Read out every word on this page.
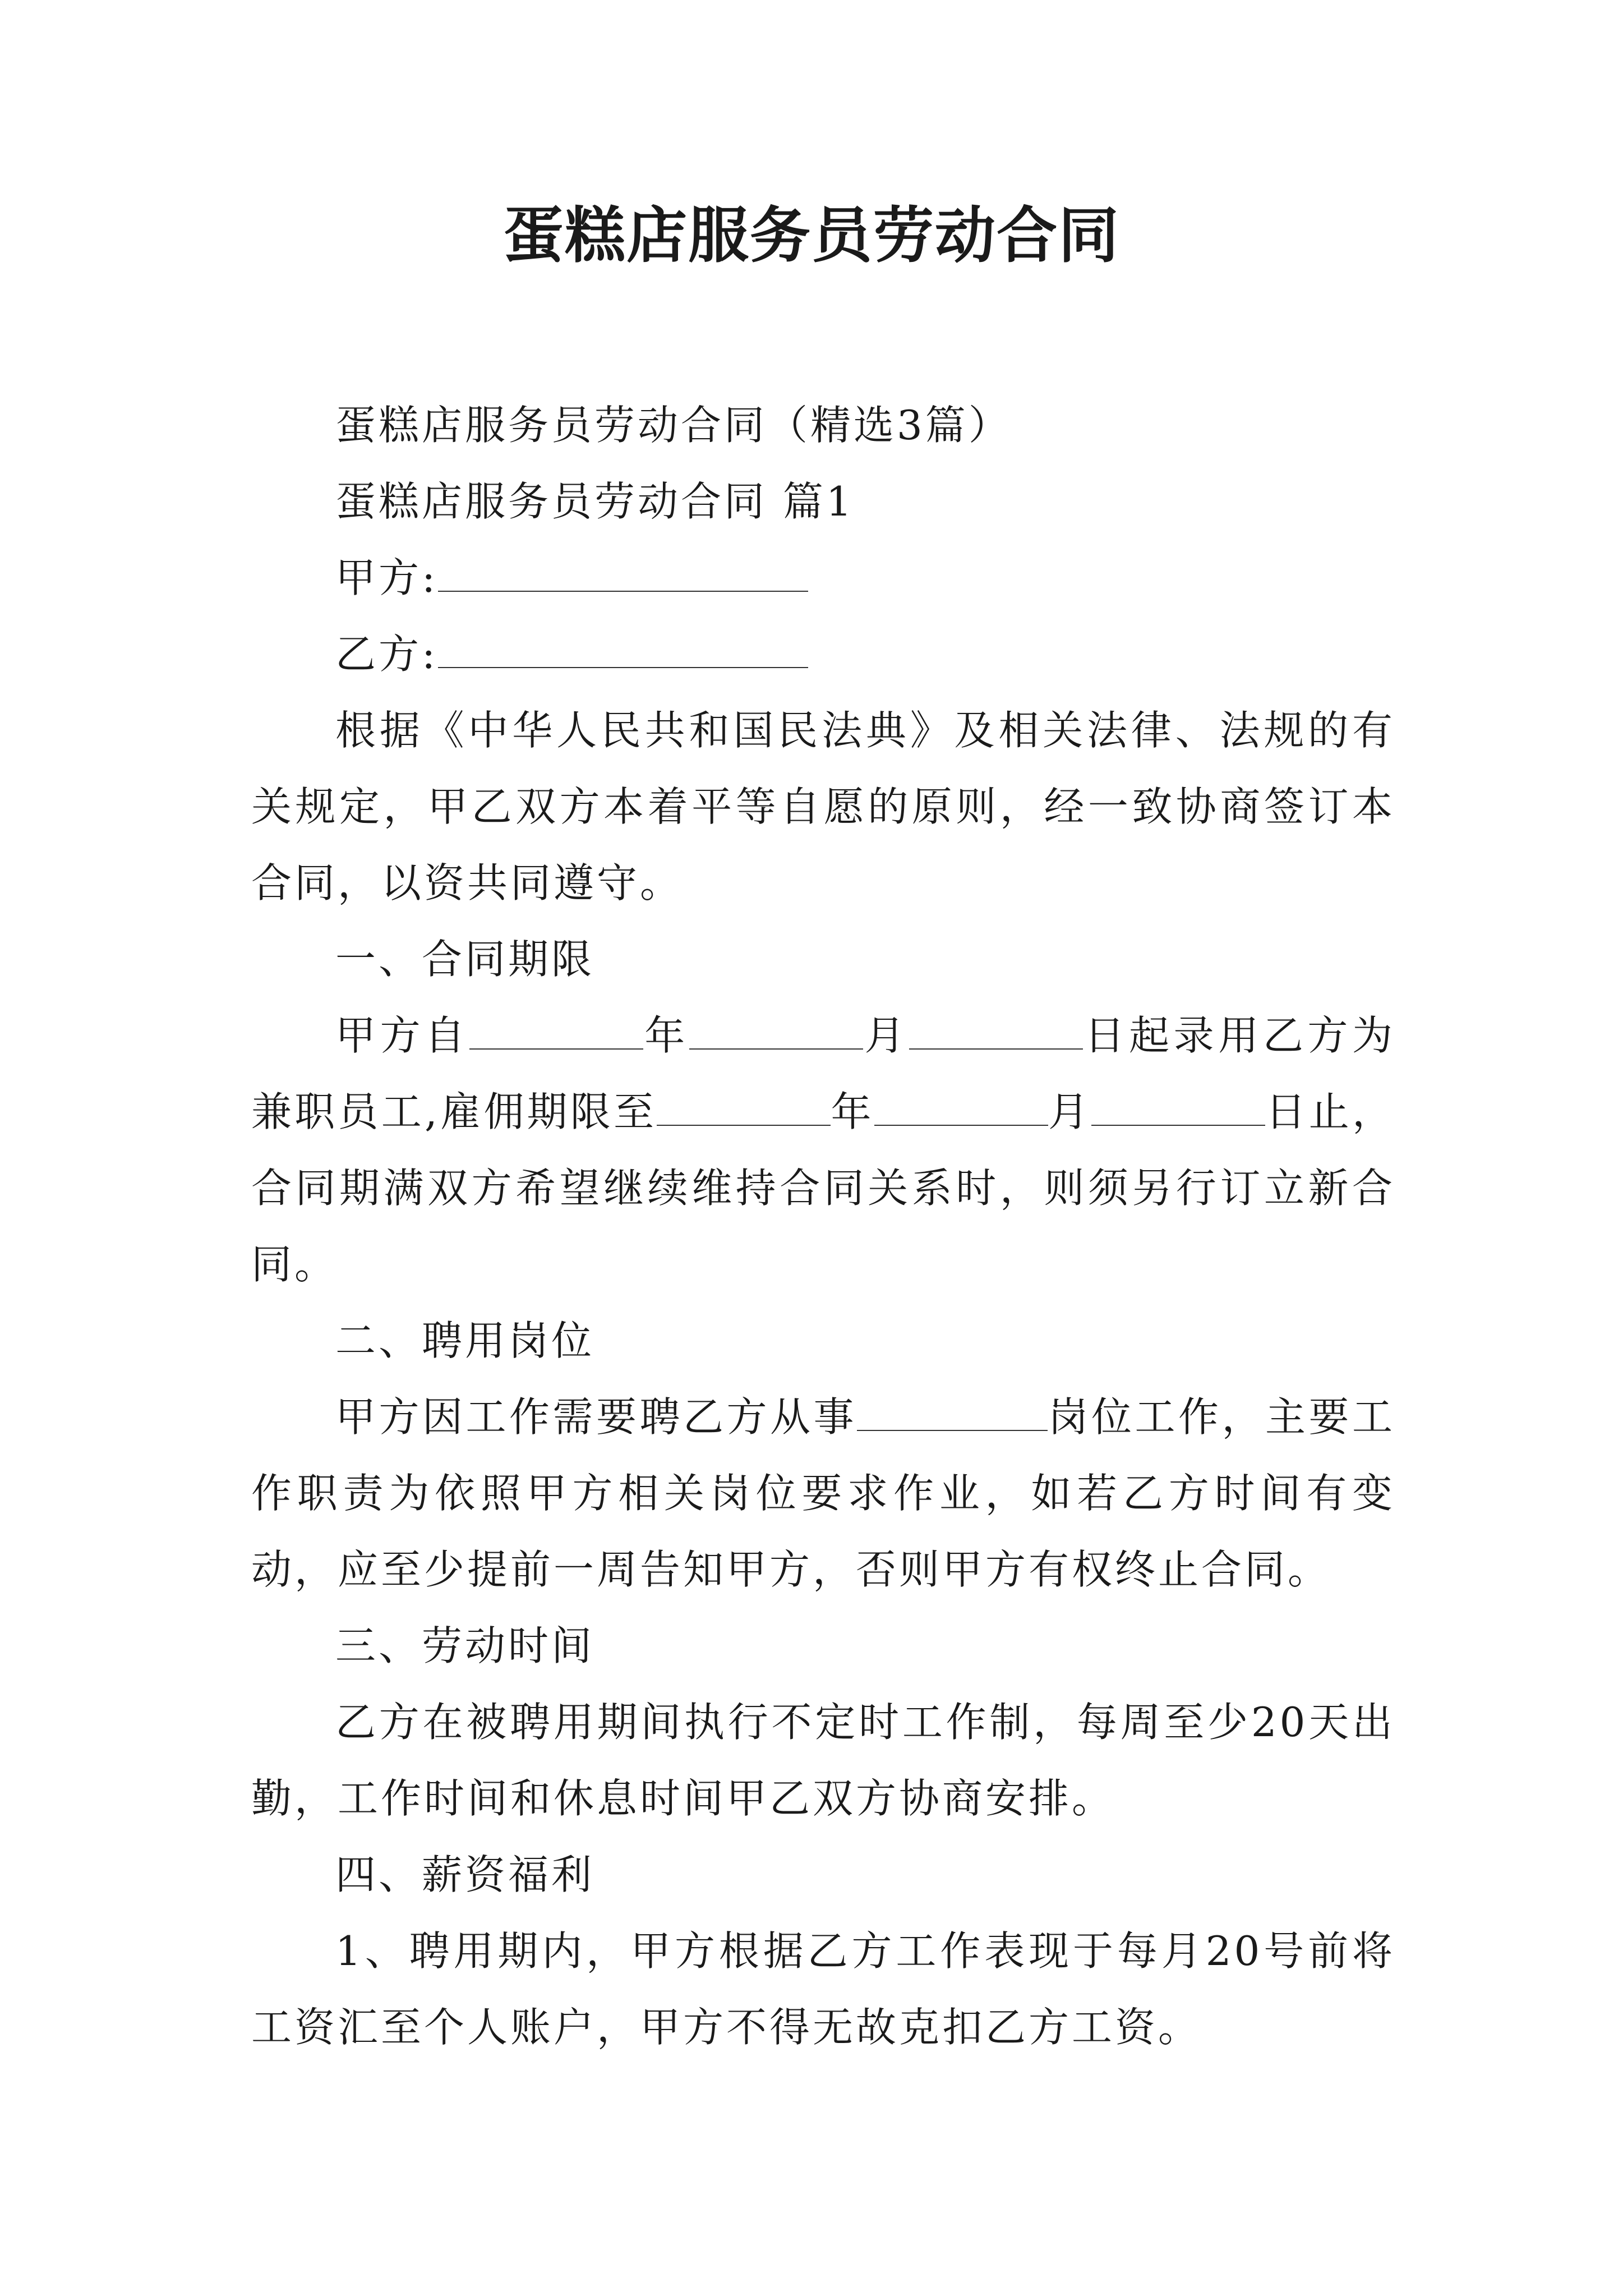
蛋糕店服务员劳动合同
蛋糕店服务员劳动合同（精选3篇）
蛋糕店服务员劳动合同 篇1
甲方:
乙方:

根据《中华人民共和国民法典》及相关法律、法规的有关规定，甲乙双方本着平等自愿的原则，经一致协商签订本合同，以资共同遵守。

一、合同期限

甲方自	年	月	日起录用乙方为兼职员工,雇佣期限至	年	月	日止，合同期满双方希望继续维持合同关系时，则须另行订立新合同。

二、聘用岗位

甲方因工作需要聘乙方从事	岗位工作，主要工作职责为依照甲方相关岗位要求作业，如若乙方时间有变动，应至少提前一周告知甲方，否则甲方有权终止合同。

三、劳动时间

乙方在被聘用期间执行不定时工作制，每周至少20天出勤，工作时间和休息时间甲乙双方协商安排。

四、薪资福利

1、聘用期内，甲方根据乙方工作表现于每月20号前将工资汇至个人账户，甲方不得无故克扣乙方工资。
